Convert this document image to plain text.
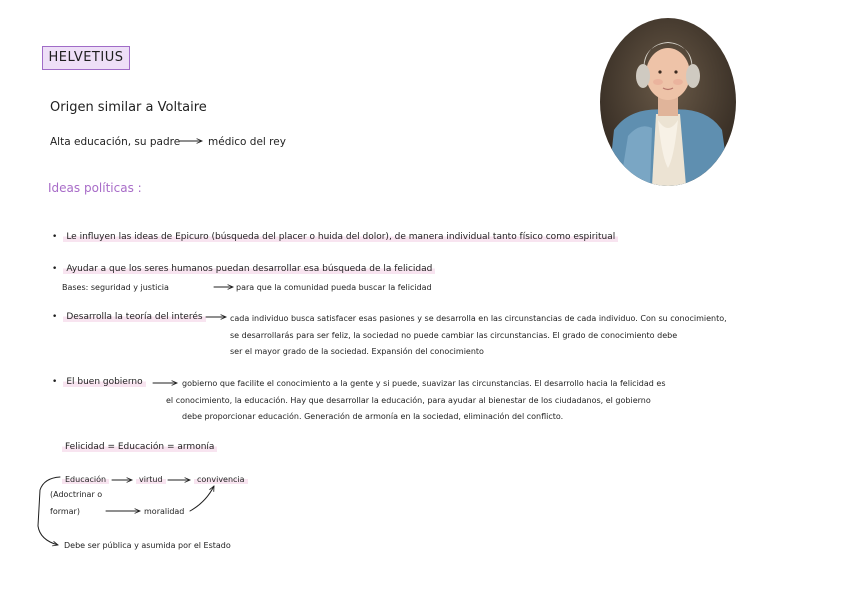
HELVETIUS
Origen similar a Voltaire
Alta educación, su padre	médico del rey
Ideas políticas :
• Le influyen las ideas de Epicuro (búsqueda del placer o huida del dolor), de manera individual tanto físico como espiritual
• Ayudar a que los seres humanos puedan desarrollar esa búsqueda de la felicidad
Bases: seguridad y justicia	para que la comunidad pueda buscar la felicidad
• Desarrolla la teoría del interés	cada individuo busca satisfacer esas pasiones y se desarrolla en las circunstancias de cada individuo. Con su conocimiento,
se desarrollarás para ser feliz, la sociedad no puede cambiar las circunstancias. El grado de conocimiento debe
ser el mayor grado de la sociedad. Expansión del conocimiento
• El buen gobierno	gobierno que facilite el conocimiento a la gente y si puede, suavizar las circunstancias. El desarrollo hacia la felicidad es
el conocimiento, la educación. Hay que desarrollar la educación, para ayudar al bienestar de los ciudadanos, el gobierno
debe proporcionar educación. Generación de armonía en la sociedad, eliminación del conflicto.
Felicidad = Educación = armonía
Educación	virtud	convivencia
(Adoctrinar o
formar)	moralidad
Debe ser pública y asumida por el Estado
